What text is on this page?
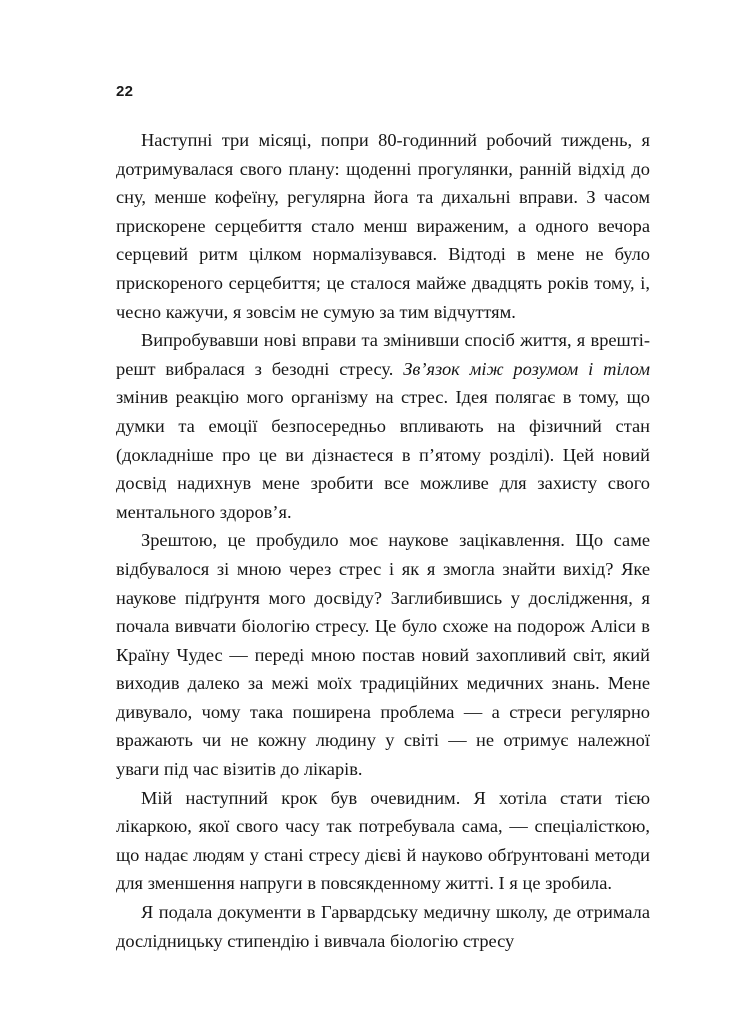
22

Наступні три місяці, попри 80-годинний робочий тиждень, я дотримувалася свого плану: щоденні прогулянки, ранній відхід до сну, менше кофеїну, регулярна йога та дихальні вправи. З часом прискорене серцебиття стало менш вираженим, а одного вечора серцевий ритм цілком нормалізувався. Відтоді в мене не було прискореного серцебиття; це сталося майже двадцять років тому, і, чесно кажучи, я зовсім не сумую за тим відчуттям.

Випробувавши нові вправи та змінивши спосіб життя, я врешті-решт вибралася з безодні стресу. Зв’язок між розумом і тілом змінив реакцію мого організму на стрес. Ідея полягає в тому, що думки та емоції безпосередньо впливають на фізичний стан (докладніше про це ви дізнаєтеся в п’ятому розділі). Цей новий досвід надихнув мене зробити все можливе для захисту свого ментального здоров’я.

Зрештою, це пробудило моє наукове зацікавлення. Що саме відбувалося зі мною через стрес і як я змогла знайти вихід? Яке наукове підґрунтя мого досвіду? Заглибившись у дослідження, я почала вивчати біологію стресу. Це було схоже на подорож Аліси в Країну Чудес — переді мною постав новий захопливий світ, який виходив далеко за межі моїх традиційних медичних знань. Мене дивувало, чому така поширена проблема — а стреси регулярно вражають чи не кожну людину у світі — не отримує належної уваги під час візитів до лікарів.

Мій наступний крок був очевидним. Я хотіла стати тією лікаркою, якої свого часу так потребувала сама, — спеціалісткою, що надає людям у стані стресу дієві й науково обґрунтовані методи для зменшення напруги в повсякденному житті. І я це зробила.

Я подала документи в Гарвардську медичну школу, де отримала дослідницьку стипендію і вивчала біологію стресу
